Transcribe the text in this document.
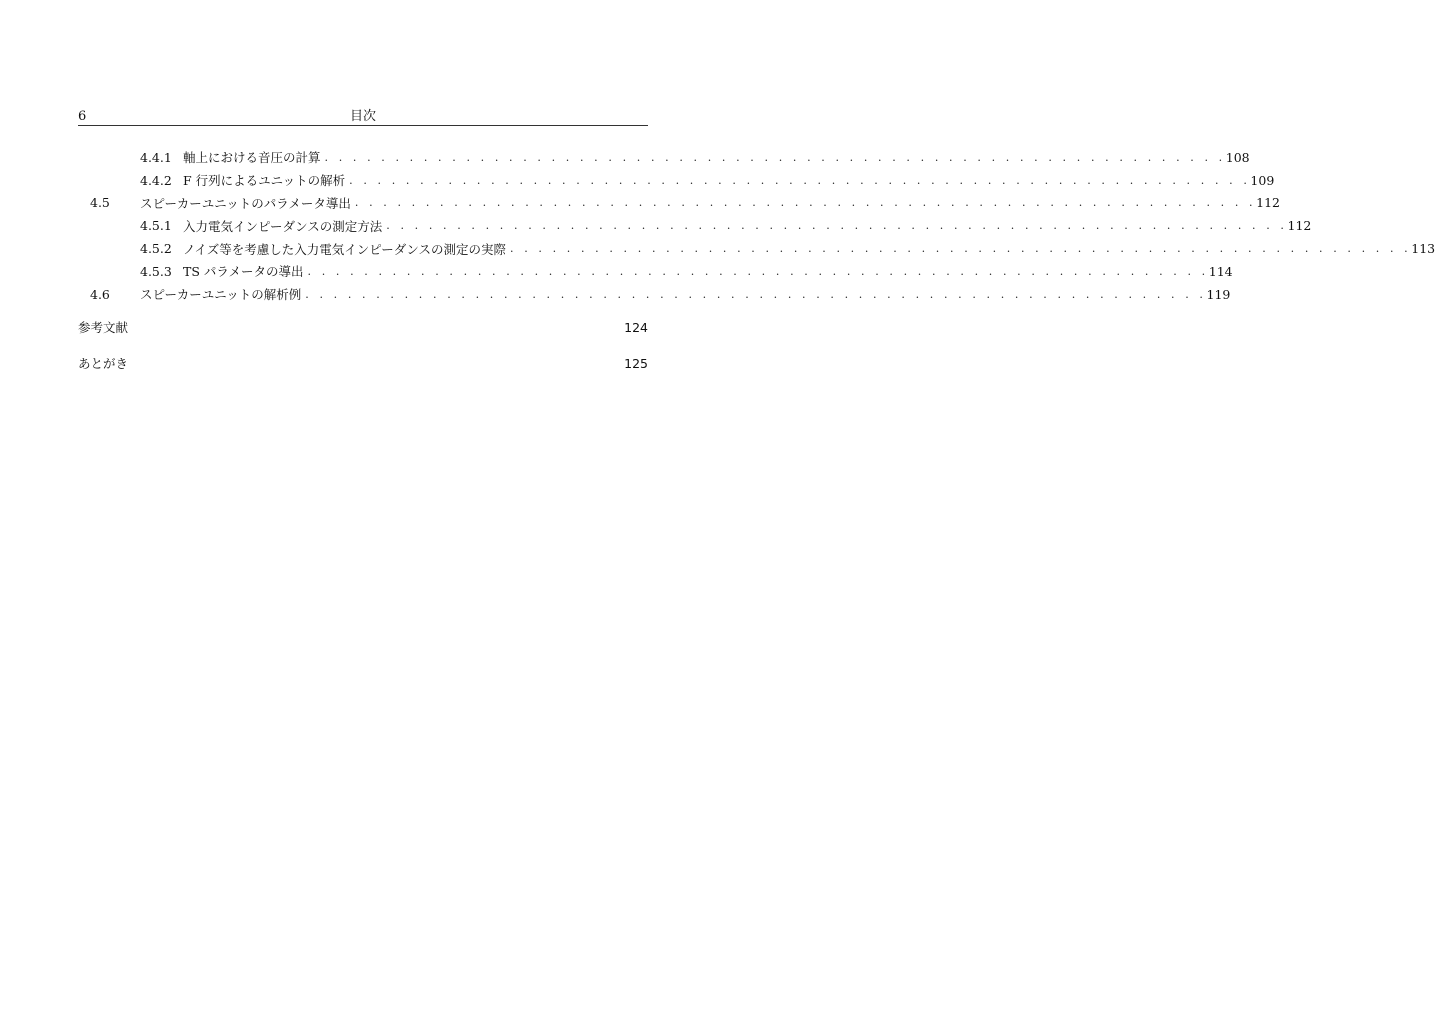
6	目次
4.4.1 軸上における音圧の計算 . . . . . . . . . . . . . . . . . . . . . . . . . . . . . . . . . . . . . . . . . . . . . . . . . . . . . . . . . . . . . . . . 108
4.4.2 F 行列によるユニットの解析 . . . . . . . . . . . . . . . . . . . . . . . . . . . . . . . . . . . . . . . . . . . . . . . . . . . . . . . . . . . . . . . . 109
4.5	スピーカーユニットのパラメータ導出 . . . . . . . . . . . . . . . . . . . . . . . . . . . . . . . . . . . . . . . . . . . . . . . . . . . . . . . . . . . . . . . . 112
4.5.1 入力電気インピーダンスの測定方法 . . . . . . . . . . . . . . . . . . . . . . . . . . . . . . . . . . . . . . . . . . . . . . . . . . . . . . . . . . . . . . . . 112
4.5.2 ノイズ等を考慮した入力電気インピーダンスの測定の実際 . . . . . . . . . . . . . . . . . . . . . . . . . . . . . . . . . . . . . . . . . . . . . . . . . . . . . . . . . . . . . . . . 113
4.5.3 TS パラメータの導出 . . . . . . . . . . . . . . . . . . . . . . . . . . . . . . . . . . . . . . . . . . . . . . . . . . . . . . . . . . . . . . . . 114
4.6	スピーカーユニットの解析例 . . . . . . . . . . . . . . . . . . . . . . . . . . . . . . . . . . . . . . . . . . . . . . . . . . . . . . . . . . . . . . . . 119
参考文献	124
あとがき	125
